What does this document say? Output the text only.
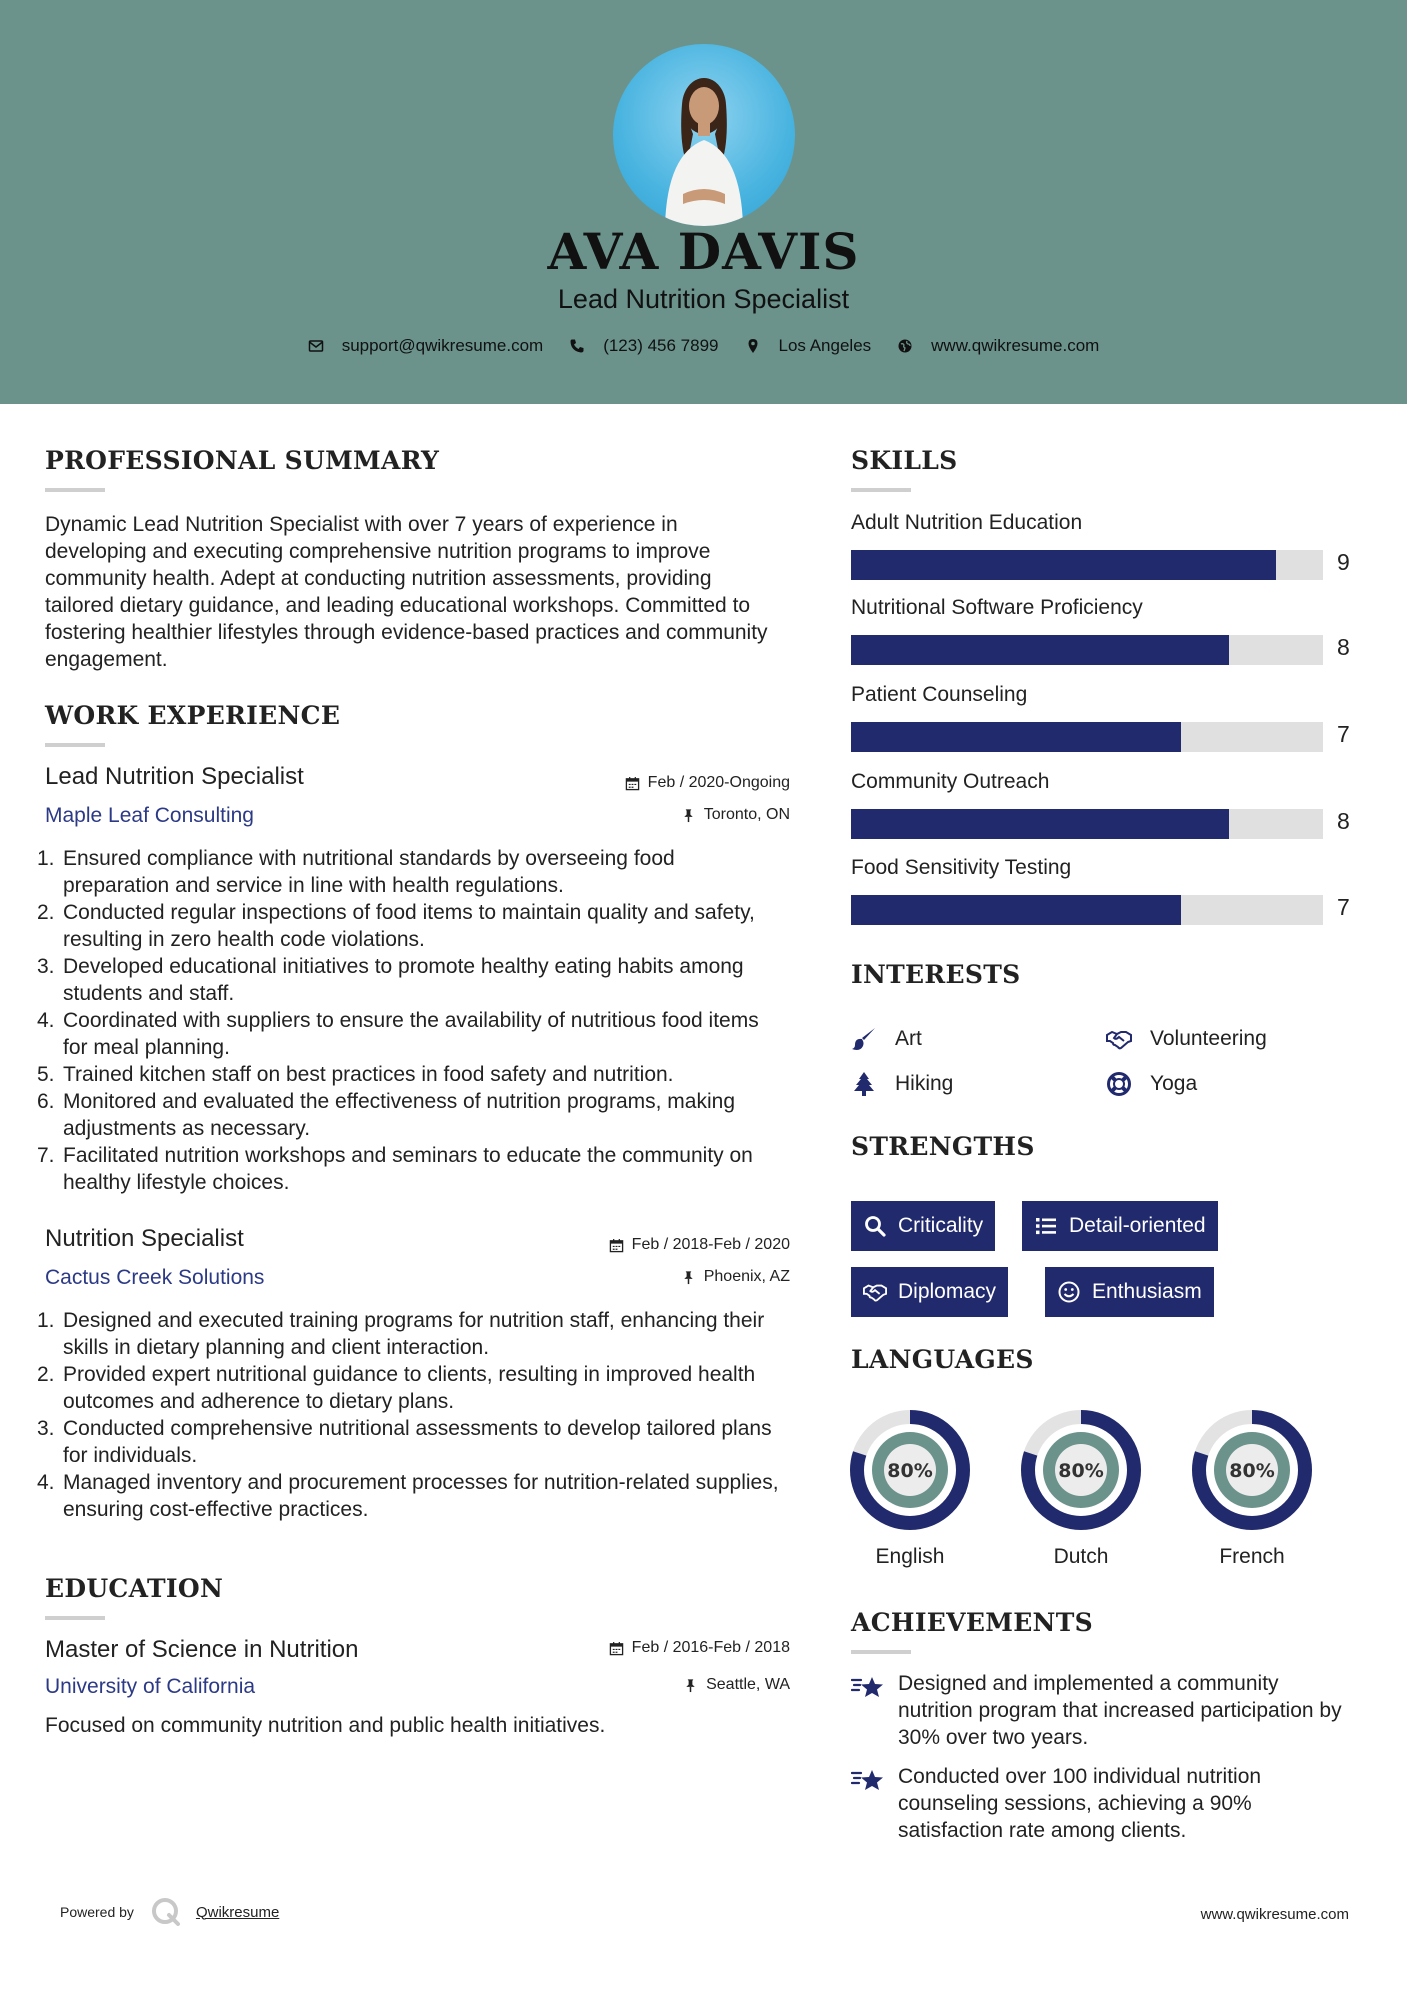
AVA DAVIS
Lead Nutrition Specialist
support@qwikresume.com	(123) 456 7899	Los Angeles	www.qwikresume.com
PROFESSIONAL SUMMARY
Dynamic Lead Nutrition Specialist with over 7 years of experience in developing and executing comprehensive nutrition programs to improve community health. Adept at conducting nutrition assessments, providing tailored dietary guidance, and leading educational workshops. Committed to fostering healthier lifestyles through evidence-based practices and community engagement.
WORK EXPERIENCE
Lead Nutrition Specialist	Feb / 2020-Ongoing
Maple Leaf Consulting	Toronto, ON
1. Ensured compliance with nutritional standards by overseeing food preparation and service in line with health regulations.
2. Conducted regular inspections of food items to maintain quality and safety, resulting in zero health code violations.
3. Developed educational initiatives to promote healthy eating habits among students and staff.
4. Coordinated with suppliers to ensure the availability of nutritious food items for meal planning.
5. Trained kitchen staff on best practices in food safety and nutrition.
6. Monitored and evaluated the effectiveness of nutrition programs, making adjustments as necessary.
7. Facilitated nutrition workshops and seminars to educate the community on healthy lifestyle choices.
Nutrition Specialist	Feb / 2018-Feb / 2020
Cactus Creek Solutions	Phoenix, AZ
1. Designed and executed training programs for nutrition staff, enhancing their skills in dietary planning and client interaction.
2. Provided expert nutritional guidance to clients, resulting in improved health outcomes and adherence to dietary plans.
3. Conducted comprehensive nutritional assessments to develop tailored plans for individuals.
4. Managed inventory and procurement processes for nutrition-related supplies, ensuring cost-effective practices.
EDUCATION
Master of Science in Nutrition	Feb / 2016-Feb / 2018
University of California	Seattle, WA
Focused on community nutrition and public health initiatives.
SKILLS
Adult Nutrition Education
9
Nutritional Software Proficiency
8
Patient Counseling
7
Community Outreach
8
Food Sensitivity Testing
7
INTERESTS
Art	Volunteering
Hiking	Yoga
STRENGTHS
Criticality	Detail-oriented
Diplomacy	Enthusiasm
LANGUAGES
80%
English
80%
Dutch
80%
French
ACHIEVEMENTS
Designed and implemented a community nutrition program that increased participation by 30% over two years.
Conducted over 100 individual nutrition counseling sessions, achieving a 90% satisfaction rate among clients.
Powered by	Qwikresume	www.qwikresume.com
